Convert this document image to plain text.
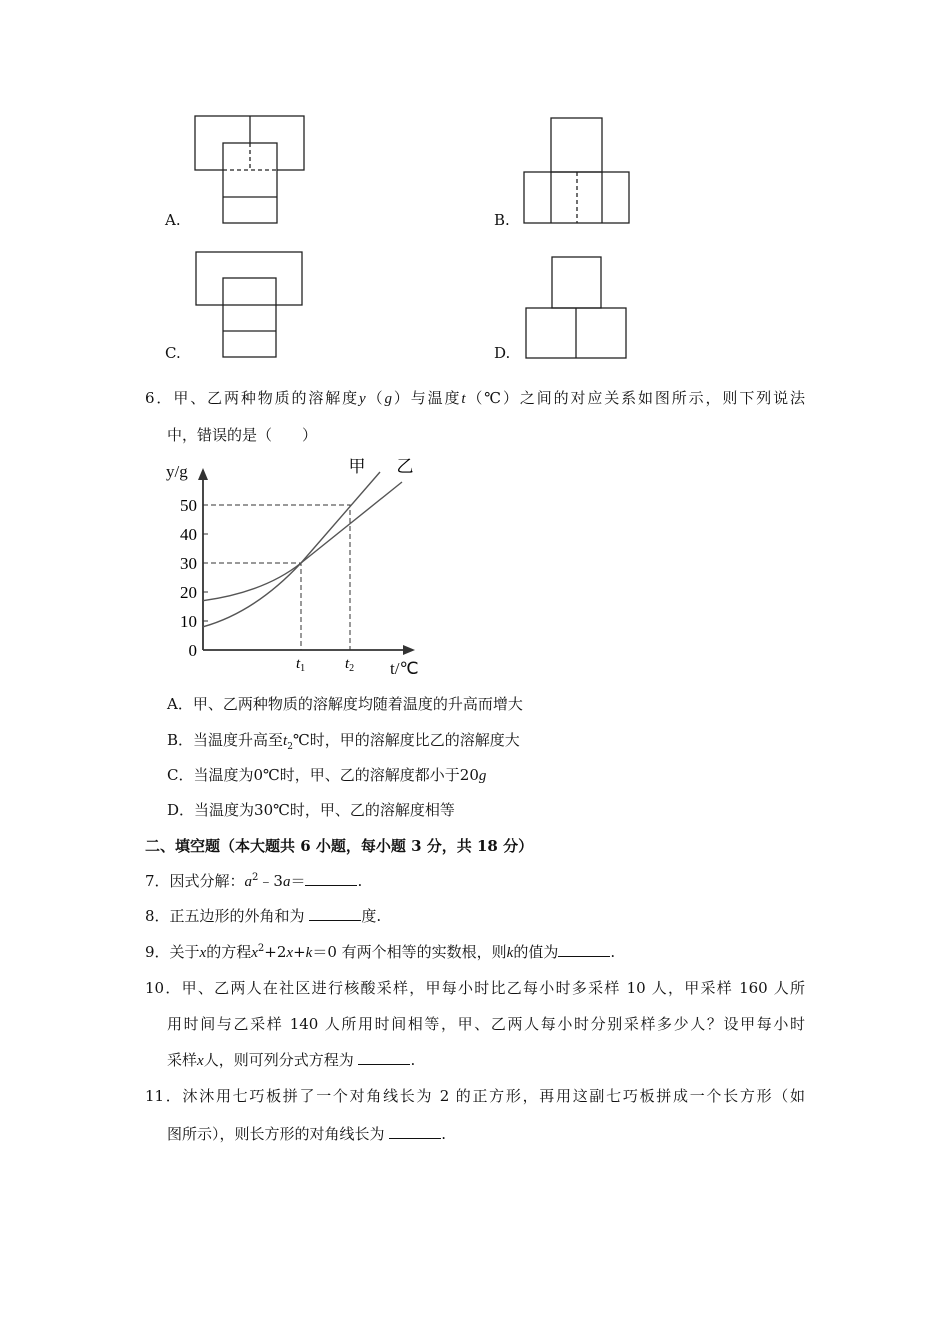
0
10
20
30
40
50
甲 乙
$t_1$	$t_2$
y/g
t/℃
A.	B.
C.	D.
6．甲、乙两种物质的溶解度y（g）与温度t（℃）之间的对应关系如图所示，则下列说法
中，错误的是（　　）
A．甲、乙两种物质的溶解度均随着温度的升高而增大
B．当温度升高至$t_2℃$时，甲的溶解度比乙的溶解度大
C．当温度为0℃时，甲、乙的溶解度都小于20g
D．当温度为30℃时，甲、乙的溶解度相等
二、填空题（本大题共 6 小题，每小题 3 分，共 18 分）
7．因式分解：$a^2﹣3a=$	.
8．正五边形的外角和为	度.
9．关于x的方程$x^2+2x+k=0$ 有两个相等的实数根，则k的值为	.
10．甲、乙两人在社区进行核酸采样，甲每小时比乙每小时多采样 10 人，甲采样 160 人所
用时间与乙采样 140 人所用时间相等，甲、乙两人每小时分别采样多少人？设甲每小时
采样x人，则可列分式方程为	.
11．沐沐用七巧板拼了一个对角线长为 2 的正方形，再用这副七巧板拼成一个长方形（如
图所示），则长方形的对角线长为	.
